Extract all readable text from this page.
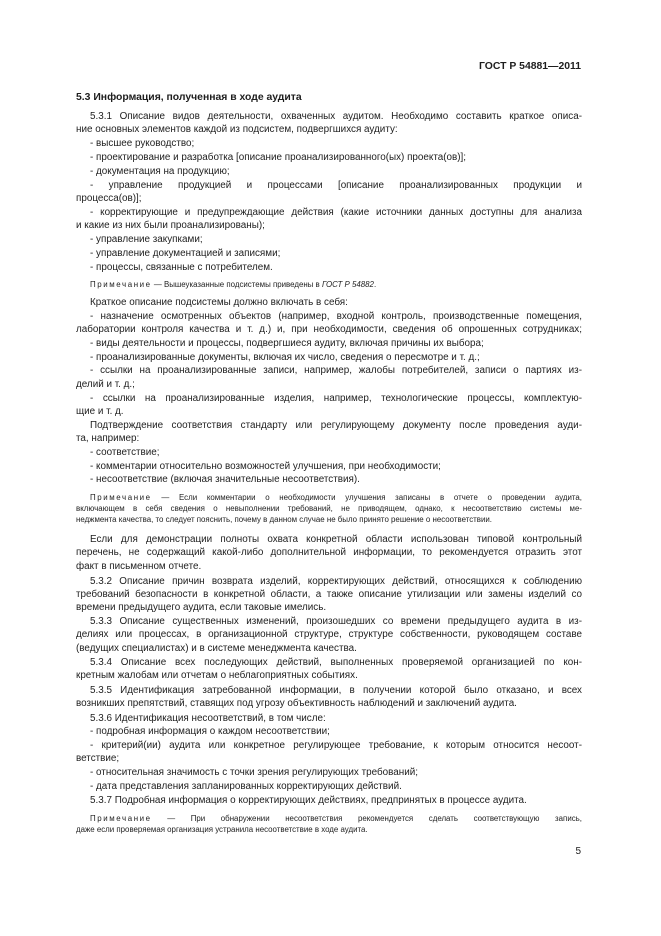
ГОСТ Р 54881—2011
5.3 Информация, полученная в ходе аудита
5.3.1 Описание видов деятельности, охваченных аудитом. Необходимо составить краткое описа-
ние основных элементов каждой из подсистем, подвергшихся аудиту:
- высшее руководство;
- проектирование и разработка [описание проанализированного(ых) проекта(ов)];
- документация на продукцию;
- управление продукцией и процессами [описание проанализированных продукции и
процесса(ов)];
- корректирующие и предупреждающие действия (какие источники данных доступны для анализа
и какие из них были проанализированы);
- управление закупками;
- управление документацией и записями;
- процессы, связанные с потребителем.
Примечание — Вышеуказанные подсистемы приведены в ГОСТ Р 54882.
Краткое описание подсистемы должно включать в себя:
- назначение осмотренных объектов (например, входной контроль, производственные помещения,
лаборатории контроля качества и т. д.) и, при необходимости, сведения об опрошенных сотрудниках;
- виды деятельности и процессы, подвергшиеся аудиту, включая причины их выбора;
- проанализированные документы, включая их число, сведения о пересмотре и т. д.;
- ссылки на проанализированные записи, например, жалобы потребителей, записи о партиях из-
делий и т. д.;
- ссылки на проанализированные изделия, например, технологические процессы, комплектую-
щие и т. д.
Подтверждение соответствия стандарту или регулирующему документу после проведения ауди-
та, например:
- соответствие;
- комментарии относительно возможностей улучшения, при необходимости;
- несоответствие (включая значительные несоответствия).
Примечание — Если комментарии о необходимости улучшения записаны в отчете о проведении аудита,
включающем в себя сведения о невыполнении требований, не приводящем, однако, к несоответствию системы ме-
неджмента качества, то следует пояснить, почему в данном случае не было принято решение о несоответствии.
Если для демонстрации полноты охвата конкретной области использован типовой контрольный
перечень, не содержащий какой-либо дополнительной информации, то рекомендуется отразить этот
факт в письменном отчете.
5.3.2 Описание причин возврата изделий, корректирующих действий, относящихся к соблюдению
требований безопасности в конкретной области, а также описание утилизации или замены изделий со
времени предыдущего аудита, если таковые имелись.
5.3.3 Описание существенных изменений, произошедших со времени предыдущего аудита в из-
делиях или процессах, в организационной структуре, структуре собственности, руководящем составе
(ведущих специалистах) и в системе менеджмента качества.
5.3.4 Описание всех последующих действий, выполненных проверяемой организацией по кон-
кретным жалобам или отчетам о неблагоприятных событиях.
5.3.5 Идентификация затребованной информации, в получении которой было отказано, и всех
возникших препятствий, ставящих под угрозу объективность наблюдений и заключений аудита.
5.3.6 Идентификация несоответствий, в том числе:
- подробная информация о каждом несоответствии;
- критерий(ии) аудита или конкретное регулирующее требование, к которым относится несоот-
ветствие;
- относительная значимость с точки зрения регулирующих требований;
- дата представления запланированных корректирующих действий.
5.3.7 Подробная информация о корректирующих действиях, предпринятых в процессе аудита.
Примечание — При обнаружении несоответствия рекомендуется сделать соответствующую запись,
даже если проверяемая организация устранила несоответствие в ходе аудита.
5
